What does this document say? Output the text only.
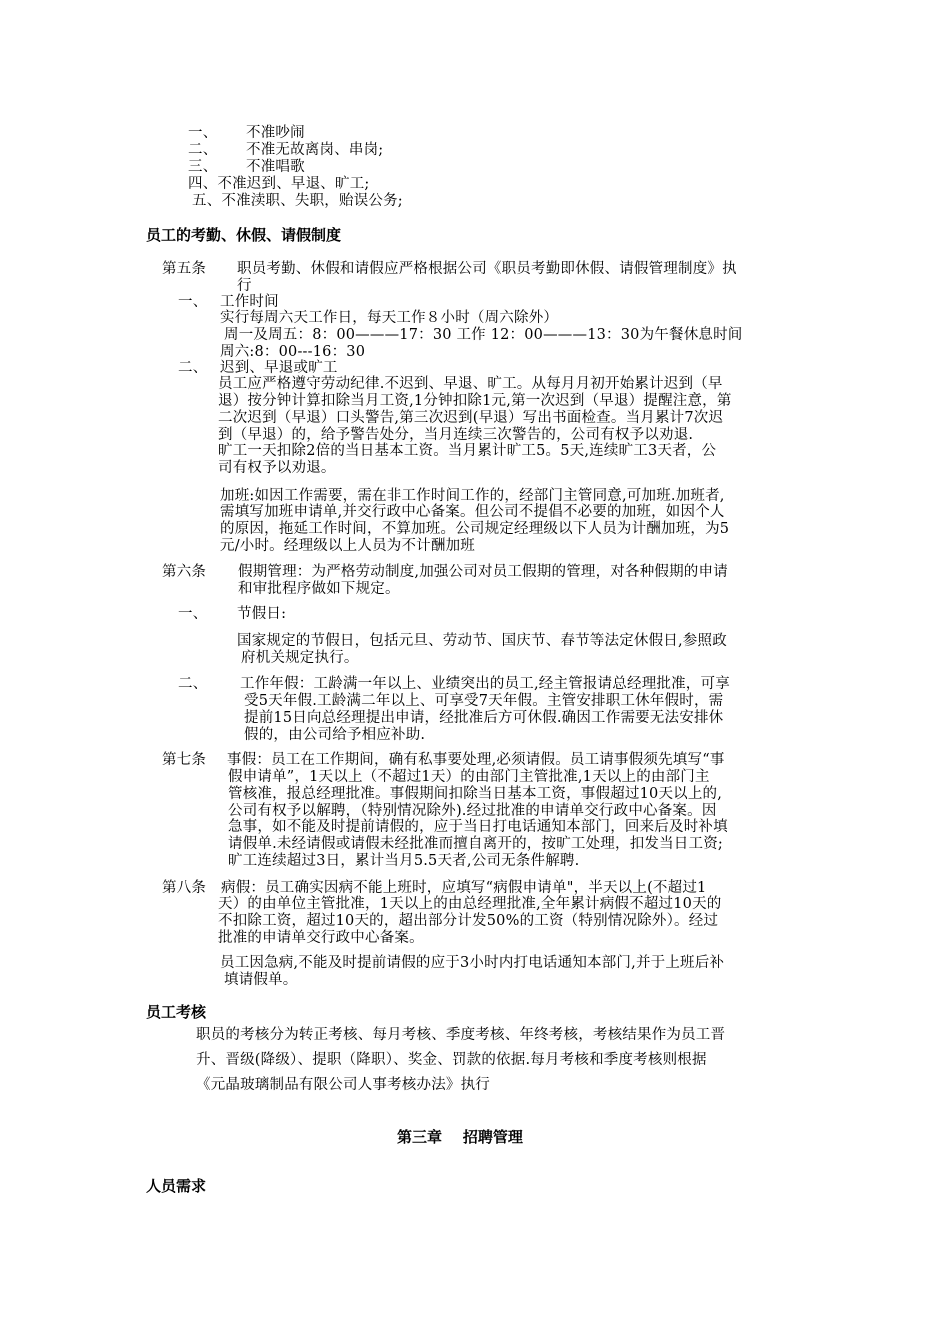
一、 不准吵闹
二、 不准无故离岗、串岗;
三、 不准唱歌
四、不准迟到、早退、旷工;
五、不准渎职、失职，贻误公务;
员工的考勤、休假、请假制度
第五条 职员考勤、休假和请假应严格根据公司《职员考勤即休假、请假管理制度》执
行
一、 工作时间
实行每周六天工作日，每天工作８小时（周六除外）
周一及周五：8：00———17：30 工作 12：00———13：30为午餐休息时间
周六:8：00---16：30
二、 迟到、早退或旷工
员工应严格遵守劳动纪律.不迟到、早退、旷工。从每月月初开始累计迟到（早
退）按分钟计算扣除当月工资,1分钟扣除1元,第一次迟到（早退）提醒注意，第
二次迟到（早退）口头警告,第三次迟到(早退）写出书面检查。当月累计7次迟
到（早退）的，给予警告处分，当月连续三次警告的，公司有权予以劝退.
旷工一天扣除2倍的当日基本工资。当月累计旷工5。5天,连续旷工3天者，公
司有权予以劝退。
加班:如因工作需要，需在非工作时间工作的，经部门主管同意,可加班.加班者,
需填写加班申请单,并交行政中心备案。但公司不提倡不必要的加班，如因个人
的原因，拖延工作时间，不算加班。公司规定经理级以下人员为计酬加班，为5
元/小时。经理级以上人员为不计酬加班
第六条 假期管理：为严格劳动制度,加强公司对员工假期的管理，对各种假期的申请
和审批程序做如下规定。
一、 节假日:
国家规定的节假日，包括元旦、劳动节、国庆节、春节等法定休假日,参照政
府机关规定执行。
二、 工作年假：工龄满一年以上、业绩突出的员工,经主管报请总经理批准，可享
受5天年假.工龄满二年以上、可享受7天年假。主管安排职工休年假时，需
提前15日向总经理提出申请，经批准后方可休假.确因工作需要无法安排休
假的，由公司给予相应补助.
第七条 事假：员工在工作期间，确有私事要处理,必须请假。员工请事假须先填写“事
假申请单”，1天以上（不超过1天）的由部门主管批准,1天以上的由部门主
管核准，报总经理批准。事假期间扣除当日基本工资，事假超过10天以上的,
公司有权予以解聘，（特别情况除外).经过批准的申请单交行政中心备案。因
急事，如不能及时提前请假的，应于当日打电话通知本部门，回来后及时补填
请假单.未经请假或请假未经批准而擅自离开的，按旷工处理，扣发当日工资;
旷工连续超过3日，累计当月5.5天者,公司无条件解聘.
第八条 病假：员工确实因病不能上班时，应填写“病假申请单"，半天以上(不超过1
天）的由单位主管批准，1天以上的由总经理批准,全年累计病假不超过10天的
不扣除工资，超过10天的，超出部分计发50%的工资（特别情况除外）。经过
批准的申请单交行政中心备案。
员工因急病,不能及时提前请假的应于3小时内打电话通知本部门,并于上班后补
填请假单。
员工考核
职员的考核分为转正考核、每月考核、季度考核、年终考核，考核结果作为员工晋
升、晋级(降级）、提职（降职）、奖金、罚款的依据.每月考核和季度考核则根据
《元晶玻璃制品有限公司人事考核办法》执行
第三章    招聘管理
人员需求
